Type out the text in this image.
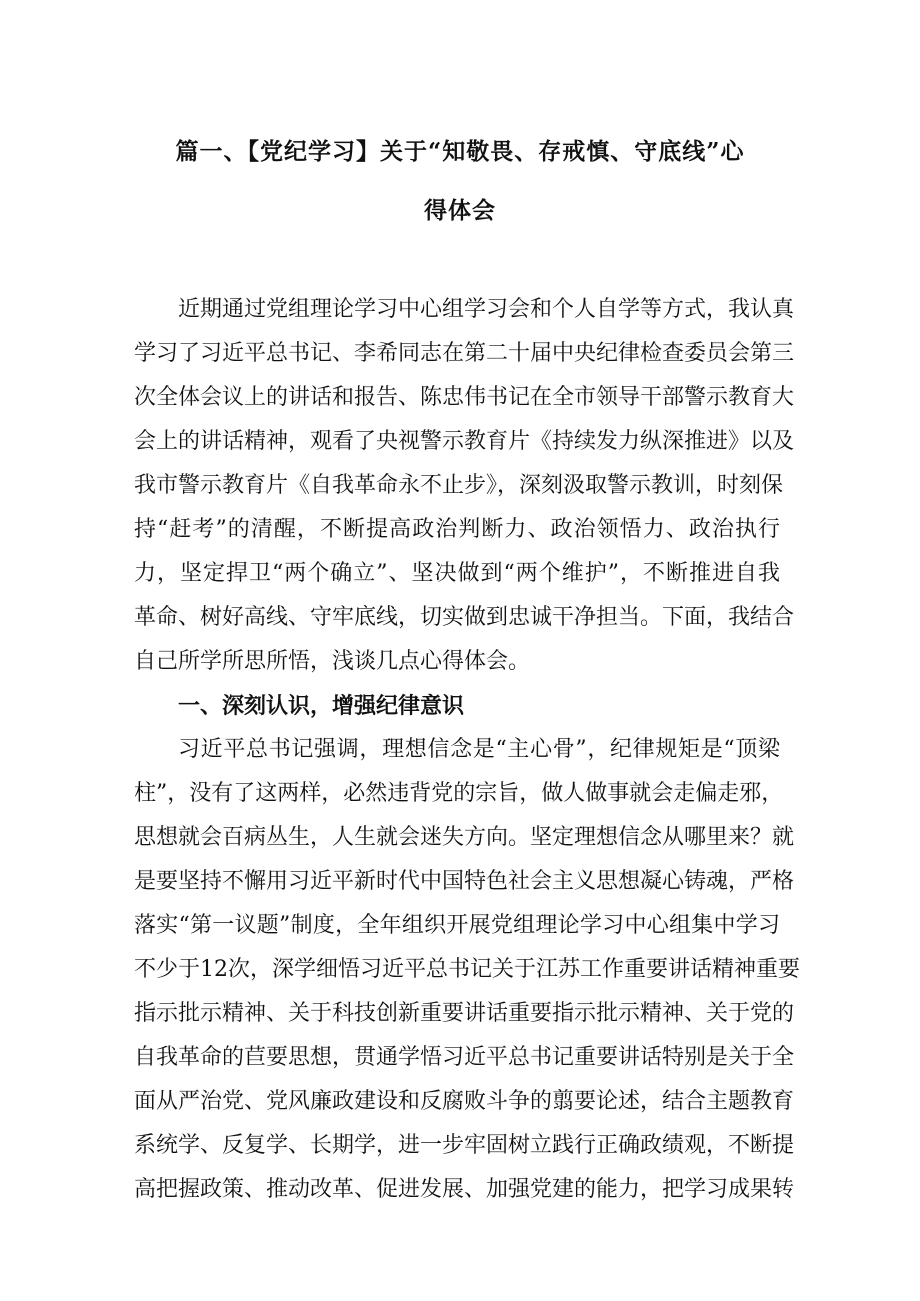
篇一、【党纪学习】关于“知敬畏、存戒慎、守底线”心
得体会
近期通过党组理论学习中心组学习会和个人自学等方式，我认真
学习了习近平总书记、李希同志在第二十届中央纪律检查委员会第三
次全体会议上的讲话和报告、陈忠伟书记在全市领导干部警示教育大
会上的讲话精神，观看了央视警示教育片《持续发力纵深推进》以及
我市警示教育片《自我革命永不止步》，深刻汲取警示教训，时刻保
持“赶考”的清醒，不断提高政治判断力、政治领悟力、政治执行
力，坚定捍卫“两个确立”、坚决做到“两个维护”，不断推进自我
革命、树好高线、守牢底线，切实做到忠诚干净担当。下面，我结合
自己所学所思所悟，浅谈几点心得体会。
一、深刻认识，增强纪律意识
习近平总书记强调，理想信念是“主心骨”，纪律规矩是“顶梁
柱”，没有了这两样，必然违背党的宗旨，做人做事就会走偏走邪，
思想就会百病丛生，人生就会迷失方向。坚定理想信念从哪里来？就
是要坚持不懈用习近平新时代中国特色社会主义思想凝心铸魂，严格
落实“第一议题”制度，全年组织开展党组理论学习中心组集中学习
不少于12次，深学细悟习近平总书记关于江苏工作重要讲话精神重要
指示批示精神、关于科技创新重要讲话重要指示批示精神、关于党的
自我革命的苣要思想，贯通学悟习近平总书记重要讲话特别是关于全
面从严治党、党风廉政建设和反腐败斗争的翦要论述，结合主题教育
系统学、反复学、长期学，进一步牢固树立践行正确政绩观，不断提
高把握政策、推动改革、促进发展、加强党建的能力，把学习成果转
